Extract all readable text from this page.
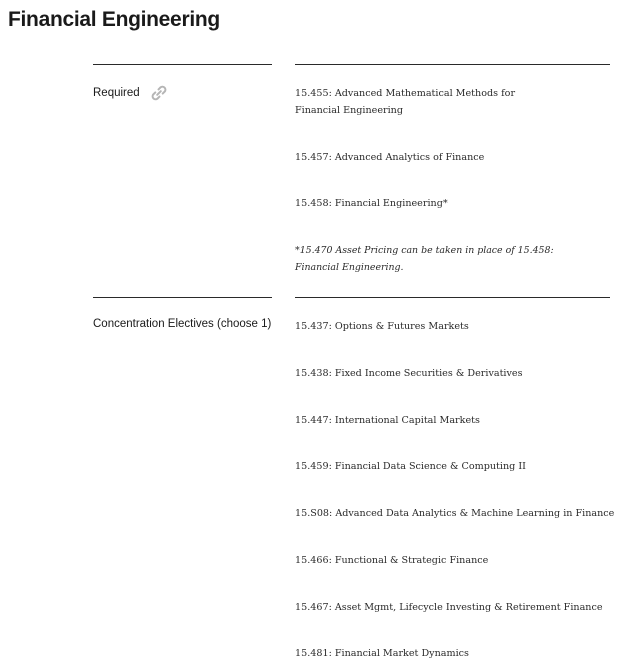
Financial Engineering
Required	15.455: Advanced Mathematical Methods for
Financial Engineering
15.457: Advanced Analytics of Finance
15.458: Financial Engineering*
*15.470 Asset Pricing can be taken in place of 15.458:
Financial Engineering.
Concentration Electives (choose 1) 15.437: Options & Futures Markets
15.438: Fixed Income Securities & Derivatives
15.447: International Capital Markets
15.459: Financial Data Science & Computing II
15.S08: Advanced Data Analytics & Machine Learning in Finance
15.466: Functional & Strategic Finance
15.467: Asset Mgmt, Lifecycle Investing & Retirement Finance
15.481: Financial Market Dynamics
